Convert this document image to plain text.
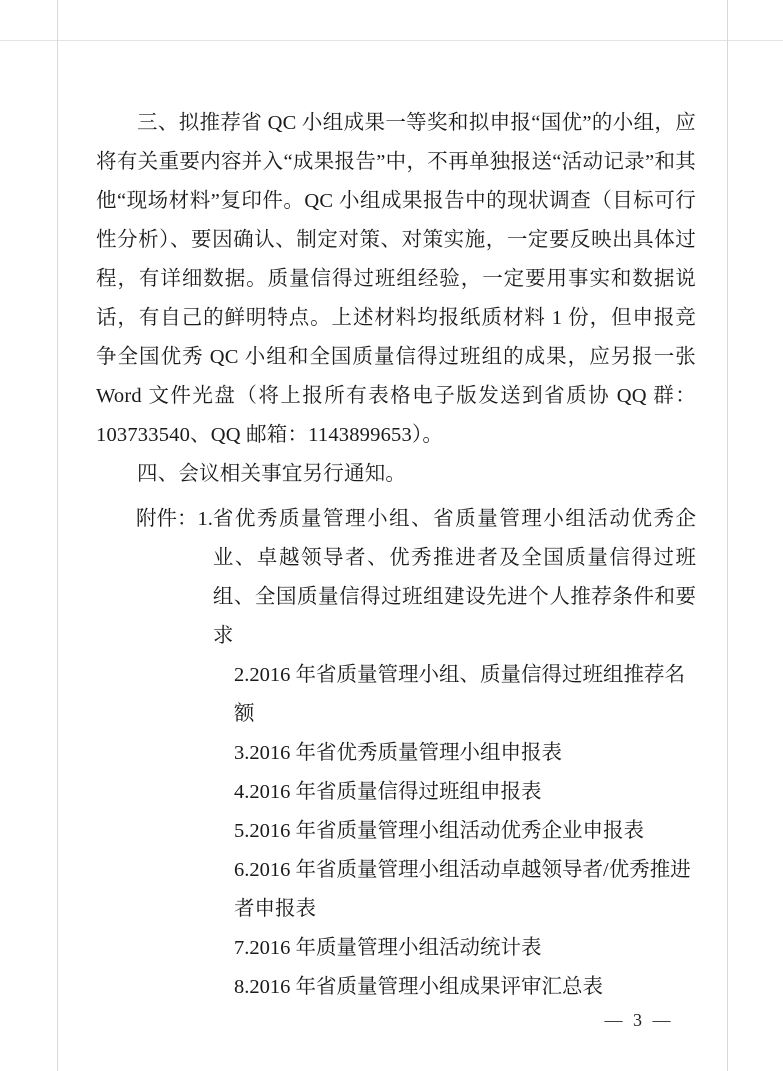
三、拟推荐省 QC 小组成果一等奖和拟申报“国优”的小组，应将有关重要内容并入“成果报告”中，不再单独报送“活动记录”和其他“现场材料”复印件。QC 小组成果报告中的现状调查（目标可行性分析）、要因确认、制定对策、对策实施，一定要反映出具体过程，有详细数据。质量信得过班组经验，一定要用事实和数据说话，有自己的鲜明特点。上述材料均报纸质材料 1 份，但申报竞争全国优秀 QC 小组和全国质量信得过班组的成果，应另报一张 Word 文件光盘（将上报所有表格电子版发送到省质协 QQ 群：103733540、QQ 邮箱：1143899653）。

四、会议相关事宜另行通知。

附件：1. 省优秀质量管理小组、省质量管理小组活动优秀企业、卓越领导者、优秀推进者及全国质量信得过班组、全国质量信得过班组建设先进个人推荐条件和要求
2.2016 年省质量管理小组、质量信得过班组推荐名额
3.2016 年省优秀质量管理小组申报表
4.2016 年省质量信得过班组申报表
5.2016 年省质量管理小组活动优秀企业申报表
6.2016 年省质量管理小组活动卓越领导者/优秀推进者申报表
7.2016 年质量管理小组活动统计表
8.2016 年省质量管理小组成果评审汇总表
— 3 —
